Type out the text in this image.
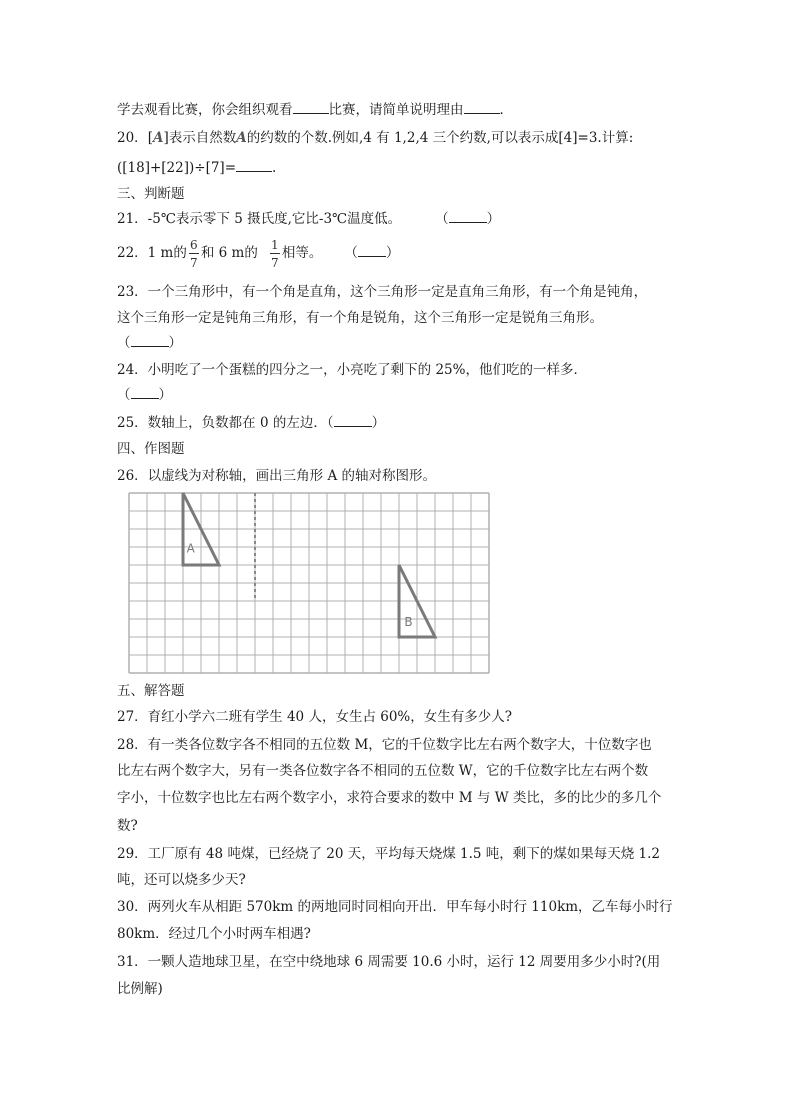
学去观看比赛，你会组织观看	比赛，请简单说明理由	．
20．[A]表示自然数A的约数的个数.例如,4 有 1,2,4 三个约数,可以表示成[4]=3.计算:
([18]+[22])÷[7]=	.
三、判断题
21．-5℃表示零下 5 摄氏度,它比-3℃温度低。	（	）
22．1 m的 $\frac{6}{7}$ 和 6 m的 $\frac{1}{7}$ 相等。 （ ）
23．一个三角形中，有一个角是直角，这个三角形一定是直角三角形，有一个角是钝角，
这个三角形一定是钝角三角形，有一个角是锐角，这个三角形一定是锐角三角形。
（	）
24．小明吃了一个蛋糕的四分之一，小亮吃了剩下的 25%，他们吃的一样多．
（ ）
25．数轴上，负数都在 0 的左边．（	）
四、作图题
26．以虚线为对称轴，画出三角形 A 的轴对称图形。
A
B
五、解答题
27．育红小学六二班有学生 40 人，女生占 60%，女生有多少人?
28．有一类各位数字各不相同的五位数 M，它的千位数字比左右两个数字大，十位数字也
比左右两个数字大，另有一类各位数字各不相同的五位数 W，它的千位数字比左右两个数
字小，十位数字也比左右两个数字小，求符合要求的数中 M 与 W 类比，多的比少的多几个
数?
29．工厂原有 48 吨煤，已经烧了 20 天，平均每天烧煤 1.5 吨，剩下的煤如果每天烧 1.2
吨，还可以烧多少天?
30．两列火车从相距 570km 的两地同时同相向开出．甲车每小时行 110km，乙车每小时行
80km．经过几个小时两车相遇?
31．一颗人造地球卫星，在空中绕地球 6 周需要 10.6 小时，运行 12 周要用多少小时?(用
比例解)
